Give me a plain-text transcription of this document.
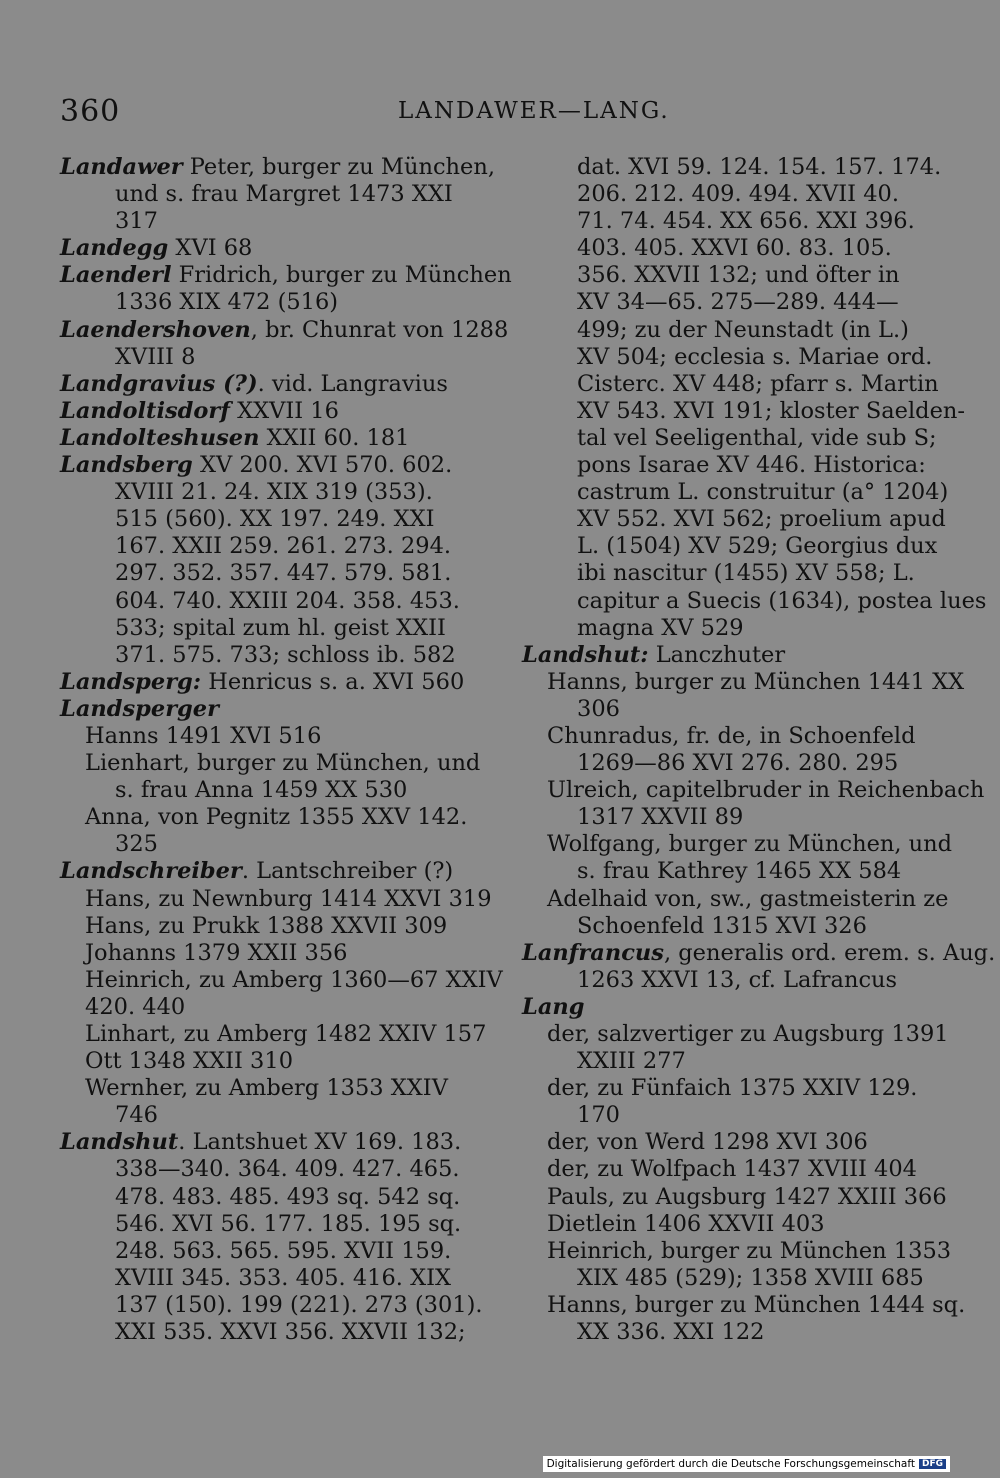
360	LANDAWER—LANG.
Landawer Peter, burger zu München,
und s. frau Margret 1473 XXI
317
Landegg XVI 68
Laenderl Fridrich, burger zu München
1336 XIX 472 (516)
Laendershoven, br. Chunrat von 1288
XVIII 8
Landgravius (?). vid. Langravius
Landoltisdorf XXVII 16
Landolteshusen XXII 60. 181
Landsberg XV 200. XVI 570. 602.
XVIII 21. 24. XIX 319 (353).
515 (560). XX 197. 249. XXI
167. XXII 259. 261. 273. 294.
297. 352. 357. 447. 579. 581.
604. 740. XXIII 204. 358. 453.
533; spital zum hl. geist XXII
371. 575. 733; schloss ib. 582
Landsperg: Henricus s. a. XVI 560
Landsperger
Hanns 1491 XVI 516
Lienhart, burger zu München, und
s. frau Anna 1459 XX 530
Anna, von Pegnitz 1355 XXV 142.
325
Landschreiber. Lantschreiber (?)
Hans, zu Newnburg 1414 XXVI 319
Hans, zu Prukk 1388 XXVII 309
Johanns 1379 XXII 356
Heinrich, zu Amberg 1360—67 XXIV
420. 440
Linhart, zu Amberg 1482 XXIV 157
Ott 1348 XXII 310
Wernher, zu Amberg 1353 XXIV
746
Landshut. Lantshuet XV 169. 183.
338—340. 364. 409. 427. 465.
478. 483. 485. 493 sq. 542 sq.
546. XVI 56. 177. 185. 195 sq.
248. 563. 565. 595. XVII 159.
XVIII 345. 353. 405. 416. XIX
137 (150). 199 (221). 273 (301).
XXI 535. XXVI 356. XXVII 132;
dat. XVI 59. 124. 154. 157. 174.
206. 212. 409. 494. XVII 40.
71. 74. 454. XX 656. XXI 396.
403. 405. XXVI 60. 83. 105.
356. XXVII 132; und öfter in
XV 34—65. 275—289. 444—
499; zu der Neunstadt (in L.)
XV 504; ecclesia s. Mariae ord.
Cisterc. XV 448; pfarr s. Martin
XV 543. XVI 191; kloster Saelden-
tal vel Seeligenthal, vide sub S;
pons Isarae XV 446. Historica:
castrum L. construitur (a° 1204)
XV 552. XVI 562; proelium apud
L. (1504) XV 529; Georgius dux
ibi nascitur (1455) XV 558; L.
capitur a Suecis (1634), postea lues
magna XV 529
Landshut: Lanczhuter
Hanns, burger zu München 1441 XX
306
Chunradus, fr. de, in Schoenfeld
1269—86 XVI 276. 280. 295
Ulreich, capitelbruder in Reichenbach
1317 XXVII 89
Wolfgang, burger zu München, und
s. frau Kathrey 1465 XX 584
Adelhaid von, sw., gastmeisterin ze
Schoenfeld 1315 XVI 326
Lanfrancus, generalis ord. erem. s. Aug.
1263 XXVI 13, cf. Lafrancus
Lang
der, salzvertiger zu Augsburg 1391
XXIII 277
der, zu Fünfaich 1375 XXIV 129.
170
der, von Werd 1298 XVI 306
der, zu Wolfpach 1437 XVIII 404
Pauls, zu Augsburg 1427 XXIII 366
Dietlein 1406 XXVII 403
Heinrich, burger zu München 1353
XIX 485 (529); 1358 XVIII 685
Hanns, burger zu München 1444 sq.
XX 336. XXI 122
Digitalisierung gefördert durch die Deutsche Forschungsgemeinschaft DFG
